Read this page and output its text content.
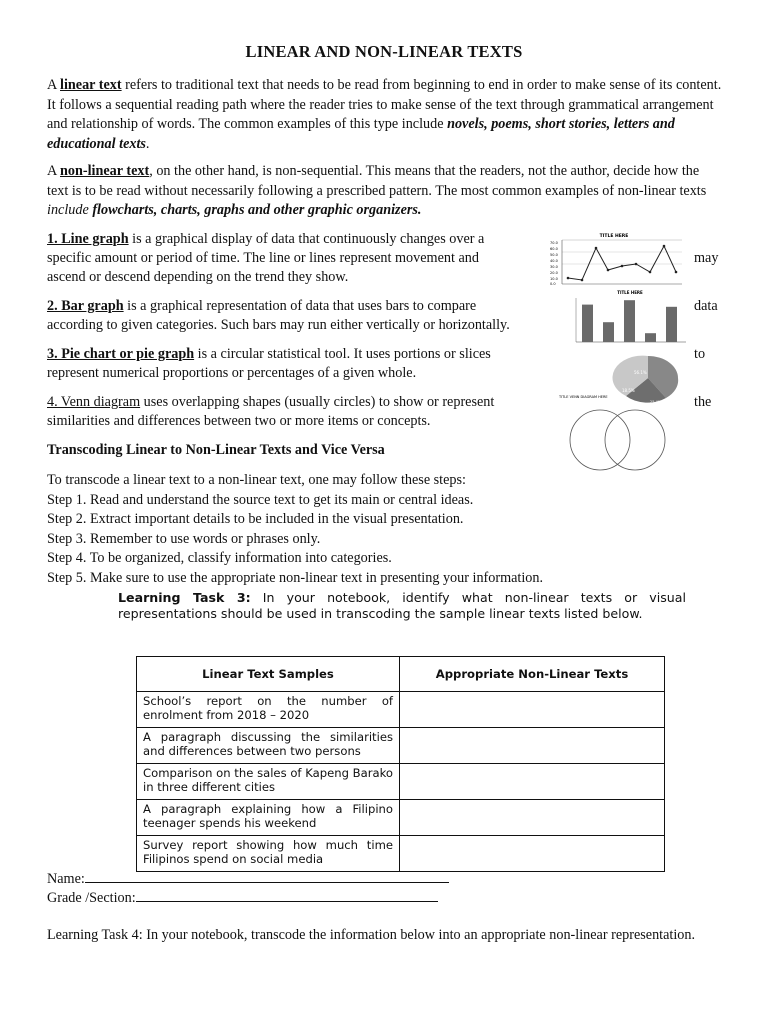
LINEAR AND NON-LINEAR TEXTS
A linear text refers to traditional text that needs to be read from beginning to end in order to make sense of its content. It follows a sequential reading path where the reader tries to make sense of the text through grammatical arrangement and relationship of words. The common examples of this type include novels, poems, short stories, letters and educational texts.
A non-linear text, on the other hand, is non-sequential. This means that the readers, not the author, decide how the text is to be read without necessarily following a prescribed pattern. The most common examples of non-linear texts include flowcharts, charts, graphs and other graphic organizers.
1. Line graph is a graphical display of data that continuously changes over a
specific amount or period of time. The line or lines represent movement and	may
ascend or descend depending on the trend they show.
2. Bar graph is a graphical representation of data that uses bars to compare	data
according to given categories. Such bars may run either vertically or horizontally.
3. Pie chart or pie graph is a circular statistical tool. It uses portions or slices	to
represent numerical proportions or percentages of a given whole.
4. Venn diagram uses overlapping shapes (usually circles) to show or represent	the
similarities and differences between two or more items or concepts.
TITLE HERE
70.0
60.0
50.0
40.0
30.0
20.0
10.0
0.0
TITLE HERE
56.1%
18.5%
25.4%
TITLE VENN DIAGRAM HERE
Transcoding Linear to Non-Linear Texts and Vice Versa
To transcode a linear text to a non-linear text, one may follow these steps:
Step 1. Read and understand the source text to get its main or central ideas.
Step 2. Extract important details to be included in the visual presentation.
Step 3. Remember to use words or phrases only.
Step 4. To be organized, classify information into categories.
Step 5. Make sure to use the appropriate non-linear text in presenting your information.
Learning Task 3: In your notebook, identify what non-linear texts or visual representations should be used in transcoding the sample linear texts listed below.
Linear Text Samples	Appropriate Non-Linear Texts
School’s report on the number of enrolment from 2018 – 2020	
A paragraph discussing the similarities and differences between two persons	
Comparison on the sales of Kapeng Barako in three different cities	
A paragraph explaining how a Filipino teenager spends his weekend	
Survey report showing how much time Filipinos spend on social media	
Name:
Grade /Section:
Learning Task 4: In your notebook, transcode the information below into an appropriate non-linear representation.
